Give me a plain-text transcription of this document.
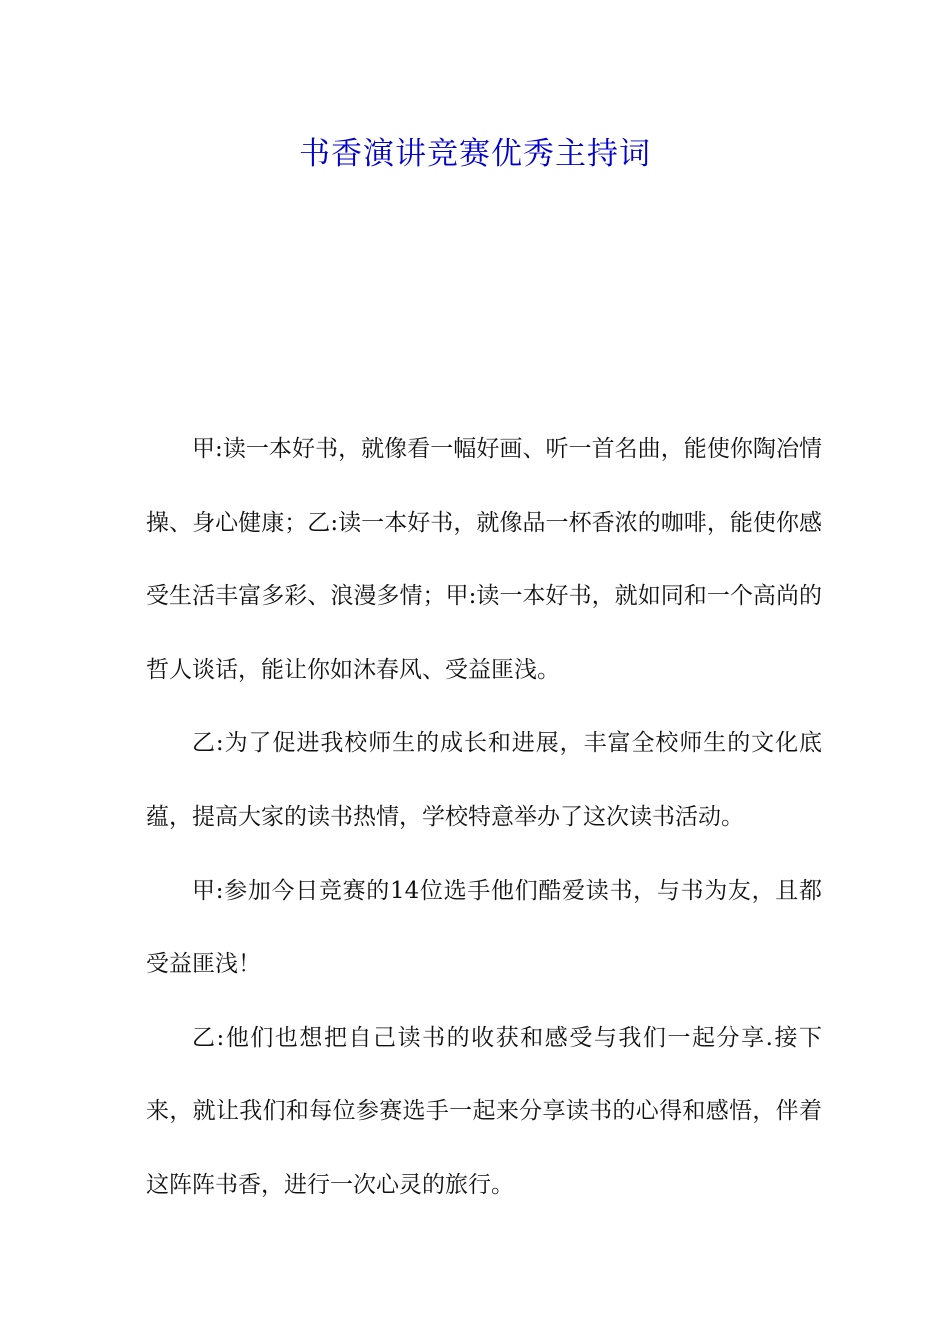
书香演讲竞赛优秀主持词

甲:读一本好书，就像看一幅好画、听一首名曲，能使你陶冶情操、身心健康；乙:读一本好书，就像品一杯香浓的咖啡，能使你感受生活丰富多彩、浪漫多情；甲:读一本好书，就如同和一个高尚的哲人谈话，能让你如沐春风、受益匪浅。

乙:为了促进我校师生的成长和进展，丰富全校师生的文化底蕴，提高大家的读书热情，学校特意举办了这次读书活动。

甲:参加今日竞赛的14位选手他们酷爱读书，与书为友，且都受益匪浅！

乙:他们也想把自己读书的收获和感受与我们一起分享.接下来，就让我们和每位参赛选手一起来分享读书的心得和感悟，伴着这阵阵书香，进行一次心灵的旅行。
